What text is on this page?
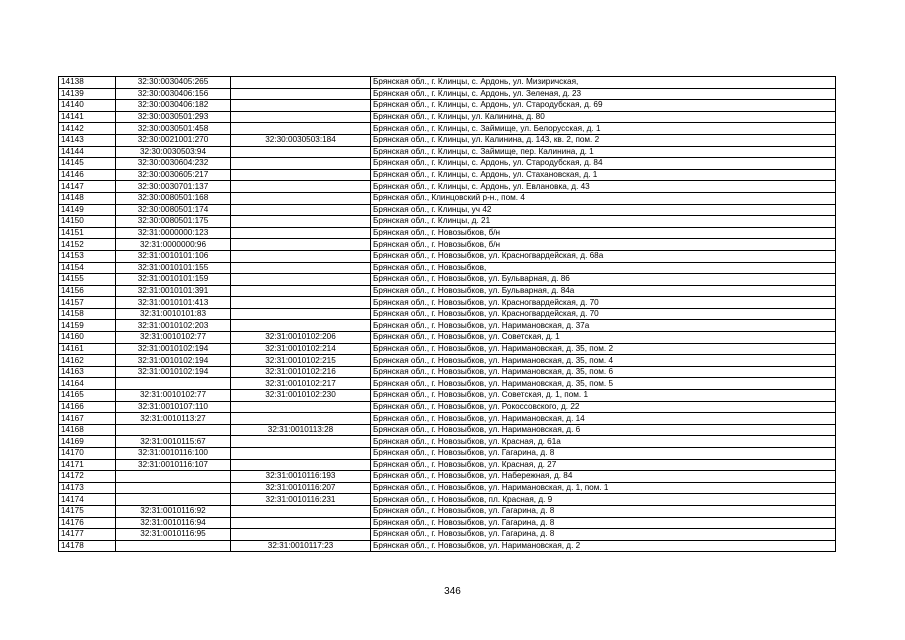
14138	32:30:0030405:265		Брянская обл., г. Клинцы, с. Ардонь, ул. Мизиричская,
14139	32:30:0030406:156		Брянская обл., г. Клинцы, с. Ардонь, ул. Зеленая, д. 23
14140	32:30:0030406:182		Брянская обл., г. Клинцы, с. Ардонь, ул. Стародубская, д. 69
14141	32:30:0030501:293		Брянская обл., г. Клинцы, ул. Калинина, д. 80
14142	32:30:0030501:458		Брянская обл., г. Клинцы, с. Займище, ул. Белорусская, д. 1
14143	32:30:0021001:270	32:30:0030503:184	Брянская обл., г. Клинцы, ул. Калинина, д. 143, кв. 2, пом. 2
14144	32:30:0030503:94		Брянская обл., г. Клинцы, с. Займище, пер. Калинина, д. 1
14145	32:30:0030604:232		Брянская обл., г. Клинцы, с. Ардонь, ул. Стародубская, д. 84
14146	32:30:0030605:217		Брянская обл., г. Клинцы, с. Ардонь, ул. Стахановская, д. 1
14147	32:30:0030701:137		Брянская обл., г. Клинцы, с. Ардонь, ул. Евлановка, д. 43
14148	32:30:0080501:168		Брянская обл., Клинцовский р-н., пом. 4
14149	32:30:0080501:174		Брянская обл., г. Клинцы, уч 42
14150	32:30:0080501:175		Брянская обл., г. Клинцы, д. 21
14151	32:31:0000000:123		Брянская обл., г. Новозыбков, б/н
14152	32:31:0000000:96		Брянская обл., г. Новозыбков, б/н
14153	32:31:0010101:106		Брянская обл., г. Новозыбков, ул. Красногвардейская, д. 68а
14154	32:31:0010101:155		Брянская обл., г. Новозыбков,
14155	32:31:0010101:159		Брянская обл., г. Новозыбков, ул. Бульварная, д. 86
14156	32:31:0010101:391		Брянская обл., г. Новозыбков, ул. Бульварная, д. 84а
14157	32:31:0010101:413		Брянская обл., г. Новозыбков, ул. Красногвардейская, д. 70
14158	32:31:0010101:83		Брянская обл., г. Новозыбков, ул. Красногвардейская, д. 70
14159	32:31:0010102:203		Брянская обл., г. Новозыбков, ул. Наримановская, д. 37а
14160	32:31:0010102:77	32:31:0010102:206	Брянская обл., г. Новозыбков, ул. Советская, д. 1
14161	32:31:0010102:194	32:31:0010102:214	Брянская обл., г. Новозыбков, ул. Наримановская, д. 35, пом. 2
14162	32:31:0010102:194	32:31:0010102:215	Брянская обл., г. Новозыбков, ул. Наримановская, д. 35, пом. 4
14163	32:31:0010102:194	32:31:0010102:216	Брянская обл., г. Новозыбков, ул. Наримановская, д. 35, пом. 6
14164		32:31:0010102:217	Брянская обл., г. Новозыбков, ул. Наримановская, д. 35, пом. 5
14165	32:31:0010102:77	32:31:0010102:230	Брянская обл., г. Новозыбков, ул. Советская, д. 1, пом. 1
14166	32:31:0010107:110		Брянская обл., г. Новозыбков, ул. Рокоссовского, д. 22
14167	32:31:0010113:27		Брянская обл., г. Новозыбков, ул. Наримановская, д. 14
14168		32:31:0010113:28	Брянская обл., г. Новозыбков, ул. Наримановская, д. 6
14169	32:31:0010115:67		Брянская обл., г. Новозыбков, ул. Красная, д. 61а
14170	32:31:0010116:100		Брянская обл., г. Новозыбков, ул. Гагарина, д. 8
14171	32:31:0010116:107		Брянская обл., г. Новозыбков, ул. Красная, д. 27
14172		32:31:0010116:193	Брянская обл., г. Новозыбков, ул. Набережная, д. 84
14173		32:31:0010116:207	Брянская обл., г. Новозыбков, ул. Наримановская, д. 1, пом. 1
14174		32:31:0010116:231	Брянская обл., г. Новозыбков, пл. Красная, д. 9
14175	32:31:0010116:92		Брянская обл., г. Новозыбков, ул. Гагарина, д. 8
14176	32:31:0010116:94		Брянская обл., г. Новозыбков, ул. Гагарина, д. 8
14177	32:31:0010116:95		Брянская обл., г. Новозыбков, ул. Гагарина, д. 8
14178		32:31:0010117:23	Брянская обл., г. Новозыбков, ул. Наримановская, д. 2
346
